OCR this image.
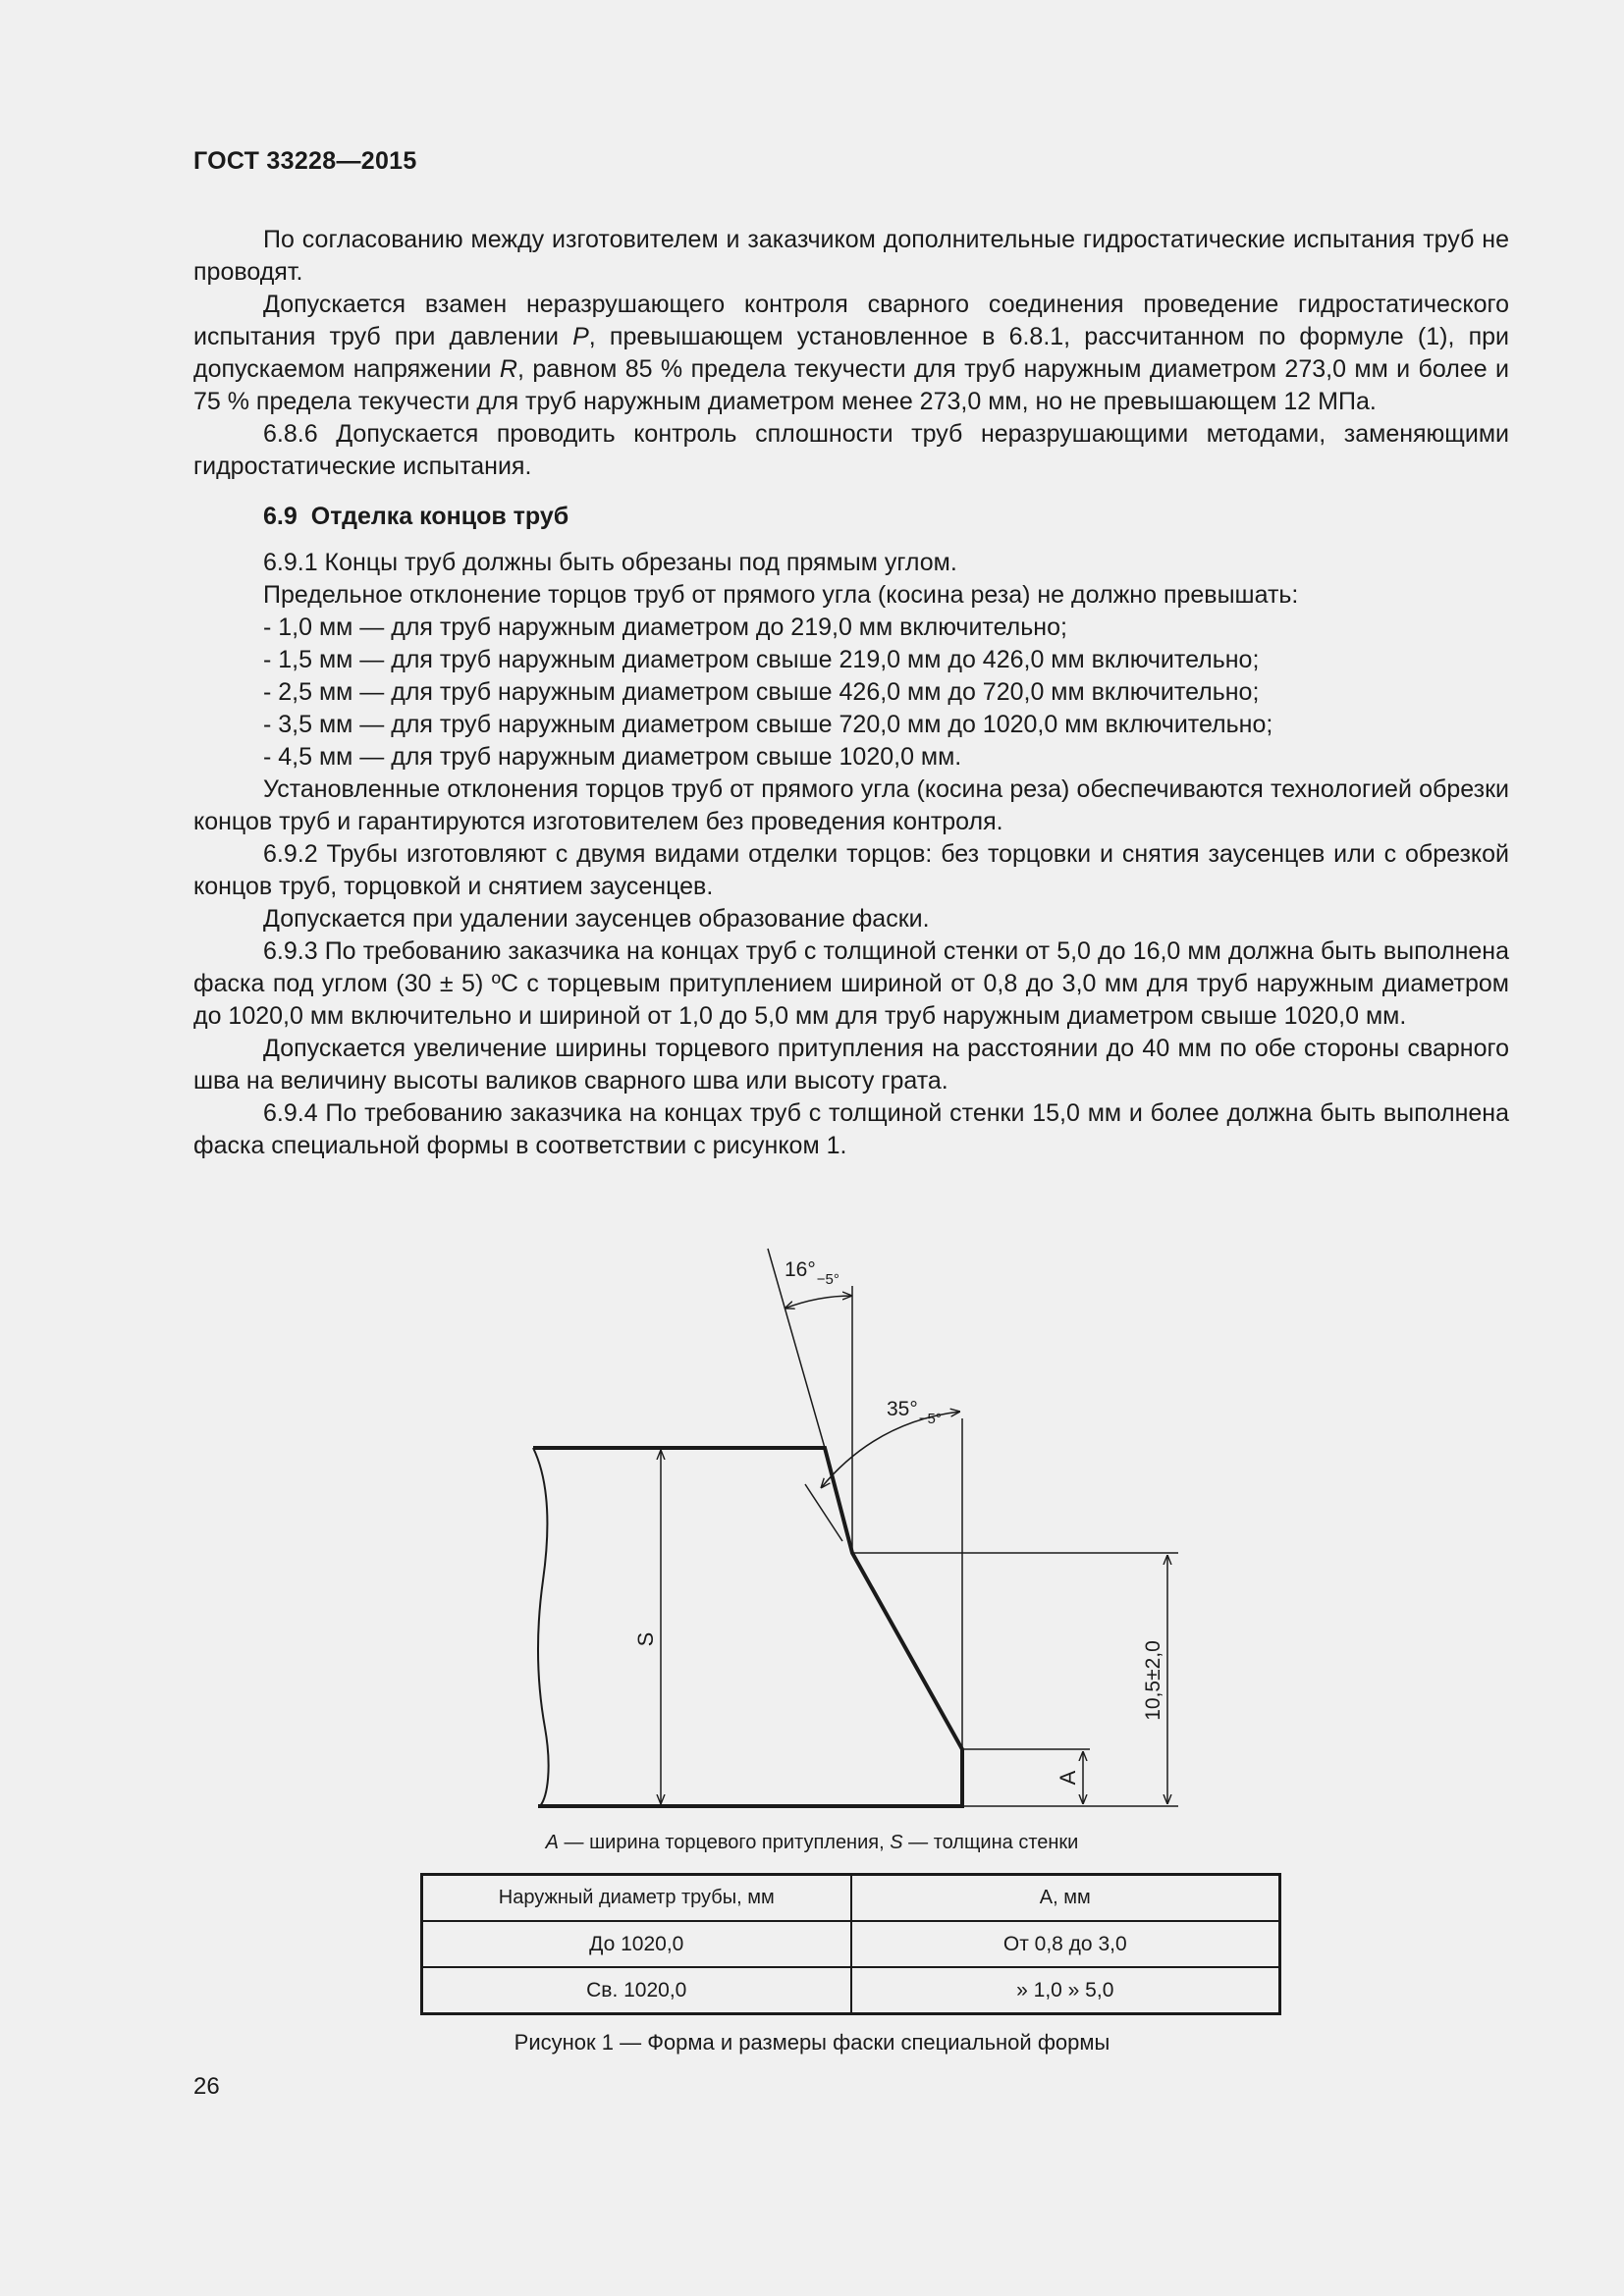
ГОСТ 33228—2015

По согласованию между изготовителем и заказчиком дополнительные гидростатические испытания труб не проводят.

Допускается взамен неразрушающего контроля сварного соединения проведение гидростатического испытания труб при давлении P, превышающем установленное в 6.8.1, рассчитанном по формуле (1), при допускаемом напряжении R, равном 85 % предела текучести для труб наружным диаметром 273,0 мм и более и 75 % предела текучести для труб наружным диаметром менее 273,0 мм, но не превышающем 12 МПа.

6.8.6 Допускается проводить контроль сплошности труб неразрушающими методами, заменяющими гидростатические испытания.

6.9 Отделка концов труб

6.9.1 Концы труб должны быть обрезаны под прямым углом.

Предельное отклонение торцов труб от прямого угла (косина реза) не должно превышать:

- 1,0 мм — для труб наружным диаметром до 219,0 мм включительно;

- 1,5 мм — для труб наружным диаметром свыше 219,0 мм до 426,0 мм включительно;

- 2,5 мм — для труб наружным диаметром свыше 426,0 мм до 720,0 мм включительно;

- 3,5 мм — для труб наружным диаметром свыше 720,0 мм до 1020,0 мм включительно;

- 4,5 мм — для труб наружным диаметром свыше 1020,0 мм.

Установленные отклонения торцов труб от прямого угла (косина реза) обеспечиваются технологией обрезки концов труб и гарантируются изготовителем без проведения контроля.

6.9.2 Трубы изготовляют с двумя видами отделки торцов: без торцовки и снятия заусенцев или с обрезкой концов труб, торцовкой и снятием заусенцев.

Допускается при удалении заусенцев образование фаски.

6.9.3 По требованию заказчика на концах труб с толщиной стенки от 5,0 до 16,0 мм должна быть выполнена фаска под углом (30 ± 5) ºС с торцевым притуплением шириной от 0,8 до 3,0 мм для труб наружным диаметром до 1020,0 мм включительно и шириной от 1,0 до 5,0 мм для труб наружным диаметром свыше 1020,0 мм.

Допускается увеличение ширины торцевого притупления на расстоянии до 40 мм по обе стороны сварного шва на величину высоты валиков сварного шва или высоту грата.

6.9.4 По требованию заказчика на концах труб с толщиной стенки 15,0 мм и более должна быть выполнена фаска специальной формы в соответствии с рисунком 1.

$16^\circ_{-5^\circ}$
$35^\circ_{-5^\circ}$
S
10,5±2,0
A
A — ширина торцевого притупления, S — толщина стенки
Наружный диаметр трубы, мм	А, мм
До 1020,0	От 0,8 до 3,0
Св. 1020,0	» 1,0 » 5,0
Рисунок 1 — Форма и размеры фаски специальной формы
26
